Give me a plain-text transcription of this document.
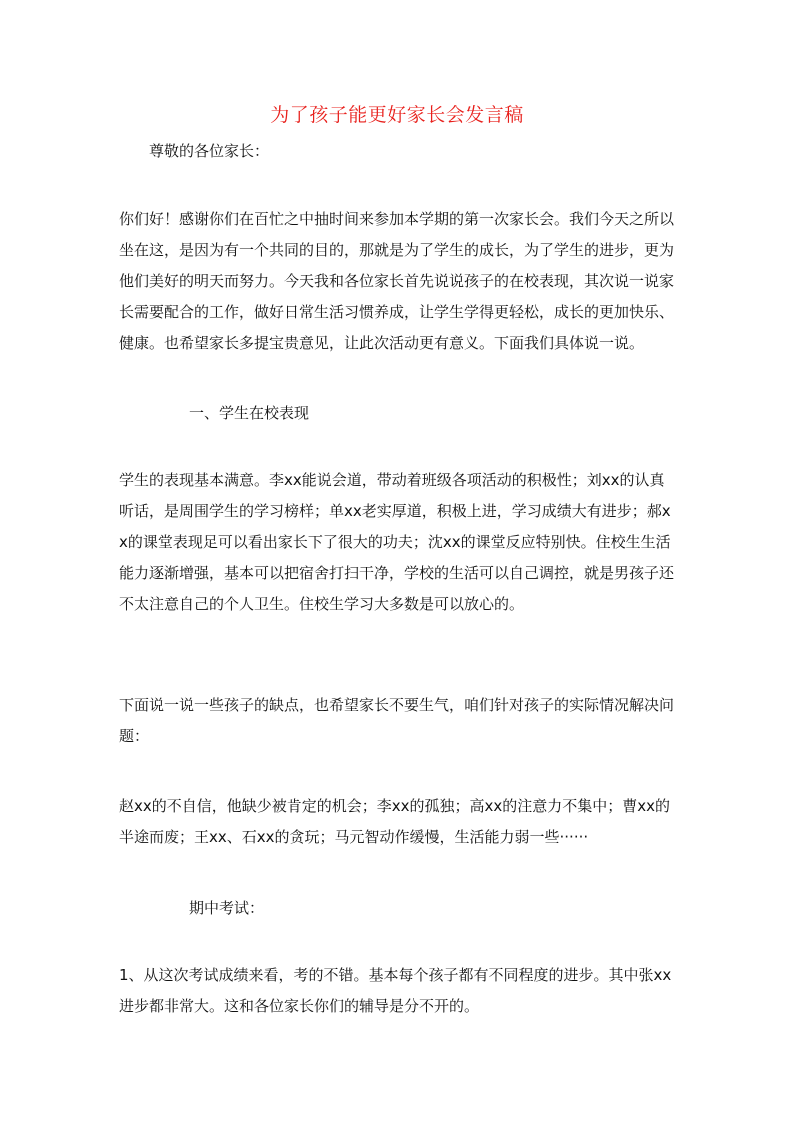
为了孩子能更好家长会发言稿

尊敬的各位家长：

你们好！感谢你们在百忙之中抽时间来参加本学期的第一次家长会。我们今天之所以坐在这，是因为有一个共同的目的，那就是为了学生的成长，为了学生的进步，更为他们美好的明天而努力。今天我和各位家长首先说说孩子的在校表现，其次说一说家长需要配合的工作，做好日常生活习惯养成，让学生学得更轻松，成长的更加快乐、健康。也希望家长多提宝贵意见，让此次活动更有意义。下面我们具体说一说。

一、学生在校表现

学生的表现基本满意。李xx能说会道，带动着班级各项活动的积极性；刘xx的认真听话，是周围学生的学习榜样；单xx老实厚道，积极上进，学习成绩大有进步；郝xx的课堂表现足可以看出家长下了很大的功夫；沈xx的课堂反应特别快。住校生生活能力逐渐增强，基本可以把宿舍打扫干净，学校的生活可以自己调控，就是男孩子还不太注意自己的个人卫生。住校生学习大多数是可以放心的。

下面说一说一些孩子的缺点，也希望家长不要生气，咱们针对孩子的实际情况解决问题：

赵xx的不自信，他缺少被肯定的机会；李xx的孤独；高xx的注意力不集中；曹xx的半途而废；王xx、石xx的贪玩；马元智动作缓慢，生活能力弱一些······

期中考试：

1、从这次考试成绩来看，考的不错。基本每个孩子都有不同程度的进步。其中张xx进步都非常大。这和各位家长你们的辅导是分不开的。
